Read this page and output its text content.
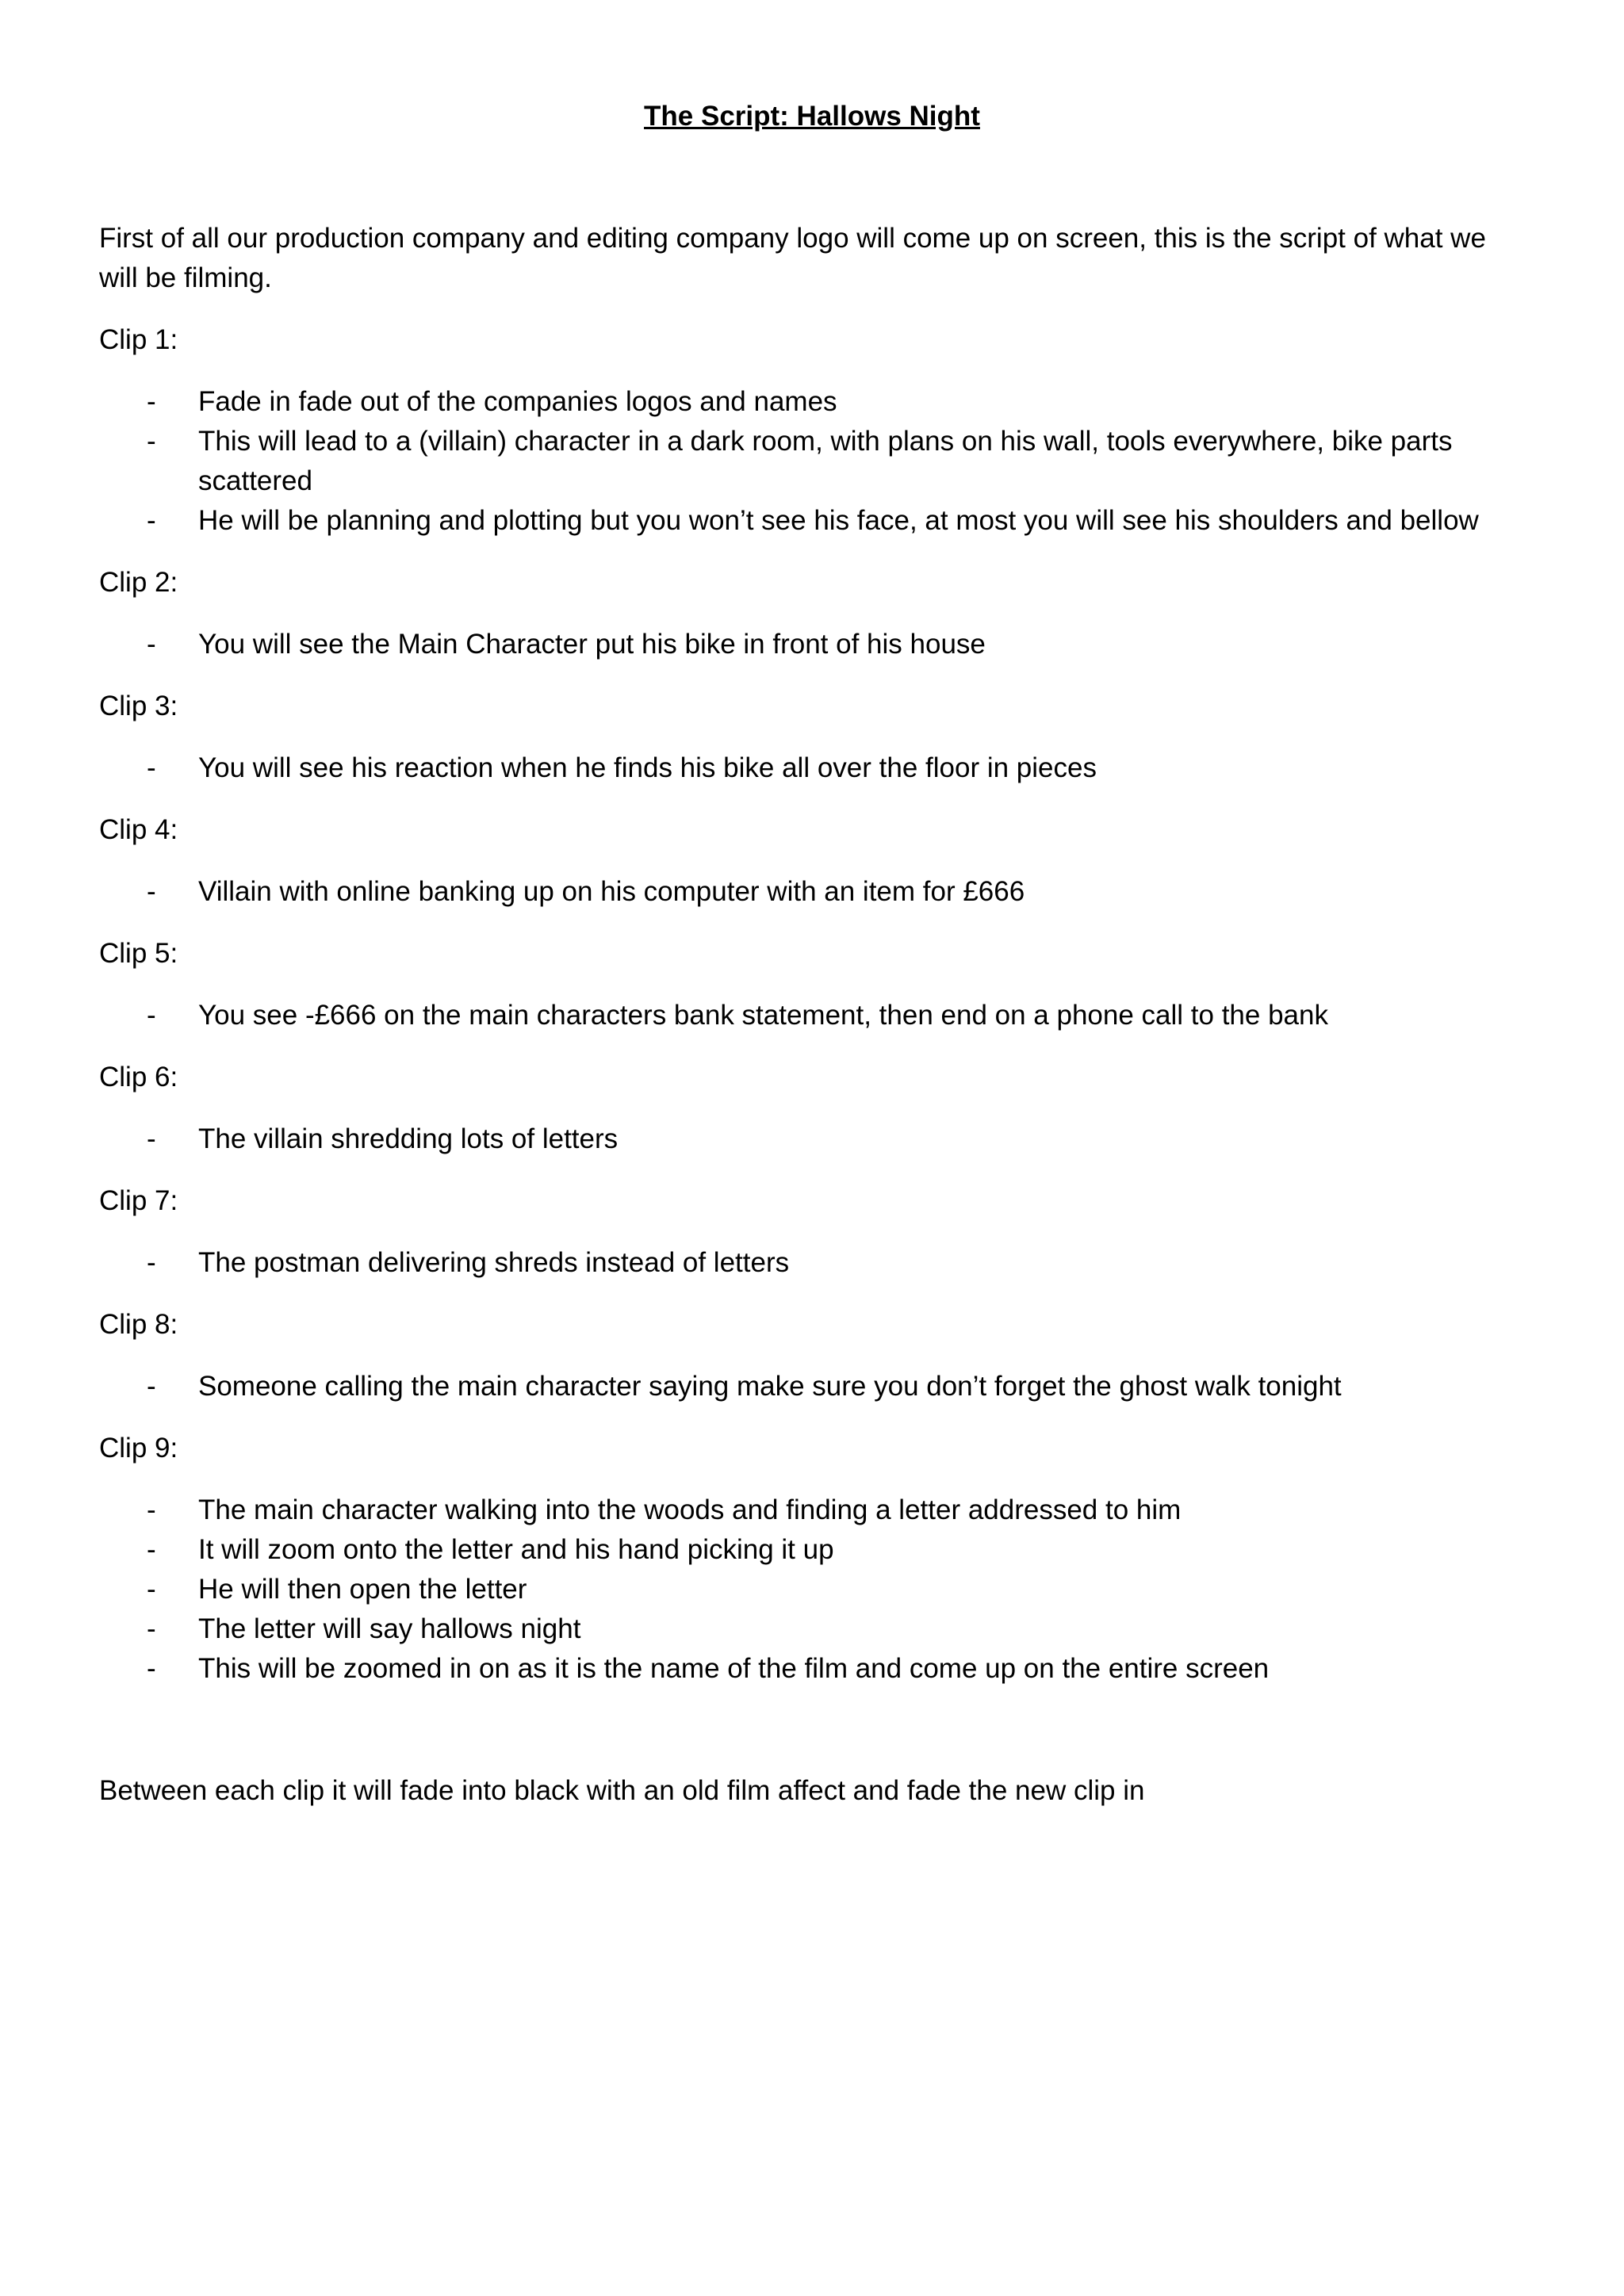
The Script: Hallows Night

First of all our production company and editing company logo will come up on screen, this is the script of what we will be filming.

Clip 1:

- Fade in fade out of the companies logos and names
- This will lead to a (villain) character in a dark room, with plans on his wall, tools everywhere, bike parts scattered
- He will be planning and plotting but you won’t see his face, at most you will see his shoulders and bellow

Clip 2:

- You will see the Main Character put his bike in front of his house

Clip 3:

- You will see his reaction when he finds his bike all over the floor in pieces

Clip 4:

- Villain with online banking up on his computer with an item for £666

Clip 5:

- You see -£666 on the main characters bank statement, then end on a phone call to the bank

Clip 6:

- The villain shredding lots of letters

Clip 7:

- The postman delivering shreds instead of letters

Clip 8:

- Someone calling the main character saying make sure you don’t forget the ghost walk tonight

Clip 9:

- The main character walking into the woods and finding a letter addressed to him
- It will zoom onto the letter and his hand picking it up
- He will then open the letter
- The letter will say hallows night
- This will be zoomed in on as it is the name of the film and come up on the entire screen

Between each clip it will fade into black with an old film affect and fade the new clip in
